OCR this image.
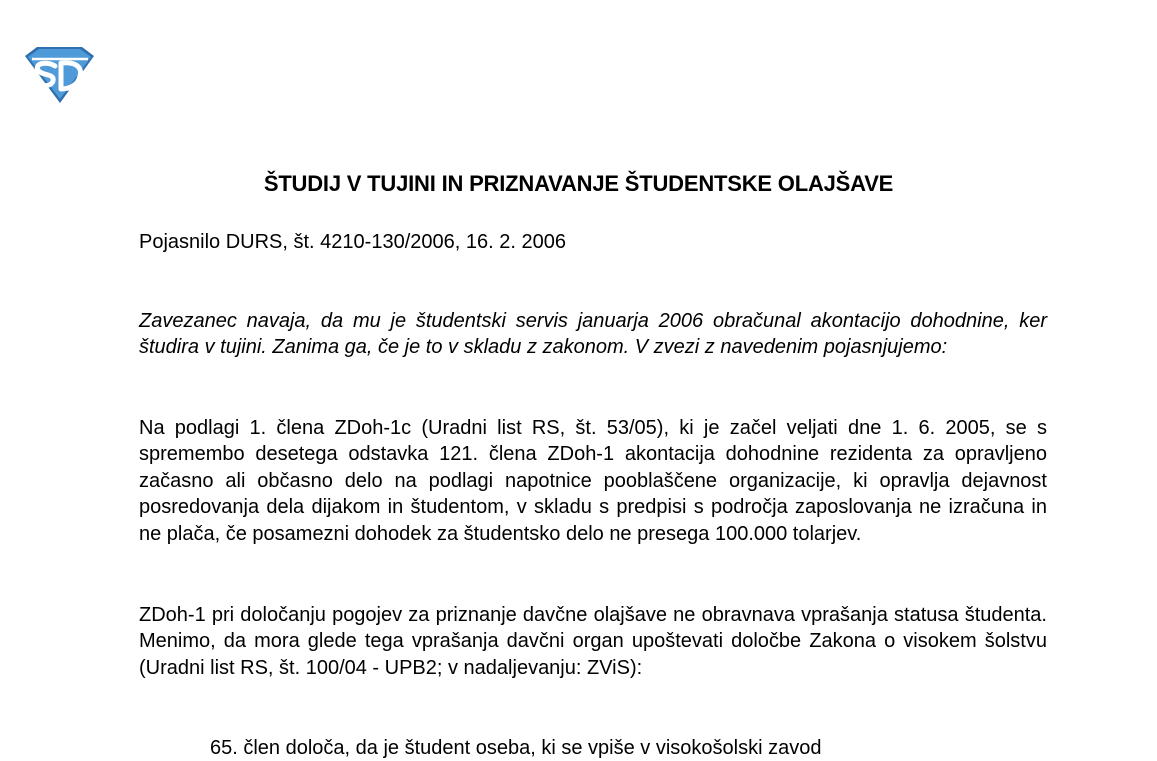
ŠTUDIJ V TUJINI IN PRIZNAVANJE ŠTUDENTSKE OLAJŠAVE
Pojasnilo DURS, št. 4210-130/2006, 16. 2. 2006

Zavezanec navaja, da mu je študentski servis januarja 2006 obračunal akontacijo dohodnine, ker študira v tujini. Zanima ga, če je to v skladu z zakonom. V zvezi z navedenim pojasnjujemo:

Na podlagi 1. člena ZDoh-1c (Uradni list RS, št. 53/05), ki je začel veljati dne 1. 6. 2005, se s spremembo desetega odstavka 121. člena ZDoh-1 akontacija dohodnine rezidenta za opravljeno začasno ali občasno delo na podlagi napotnice pooblaščene organizacije, ki opravlja dejavnost posredovanja dela dijakom in študentom, v skladu s predpisi s področja zaposlovanja ne izračuna in ne plača, če posamezni dohodek za študentsko delo ne presega 100.000 tolarjev.

ZDoh-1 pri določanju pogojev za priznanje davčne olajšave ne obravnava vprašanja statusa študenta. Menimo, da mora glede tega vprašanja davčni organ upoštevati določbe Zakona o visokem šolstvu (Uradni list RS, št. 100/04 - UPB2; v nadaljevanju: ZViS):

65. člen določa, da je študent oseba, ki se vpiše v visokošolski zavod
